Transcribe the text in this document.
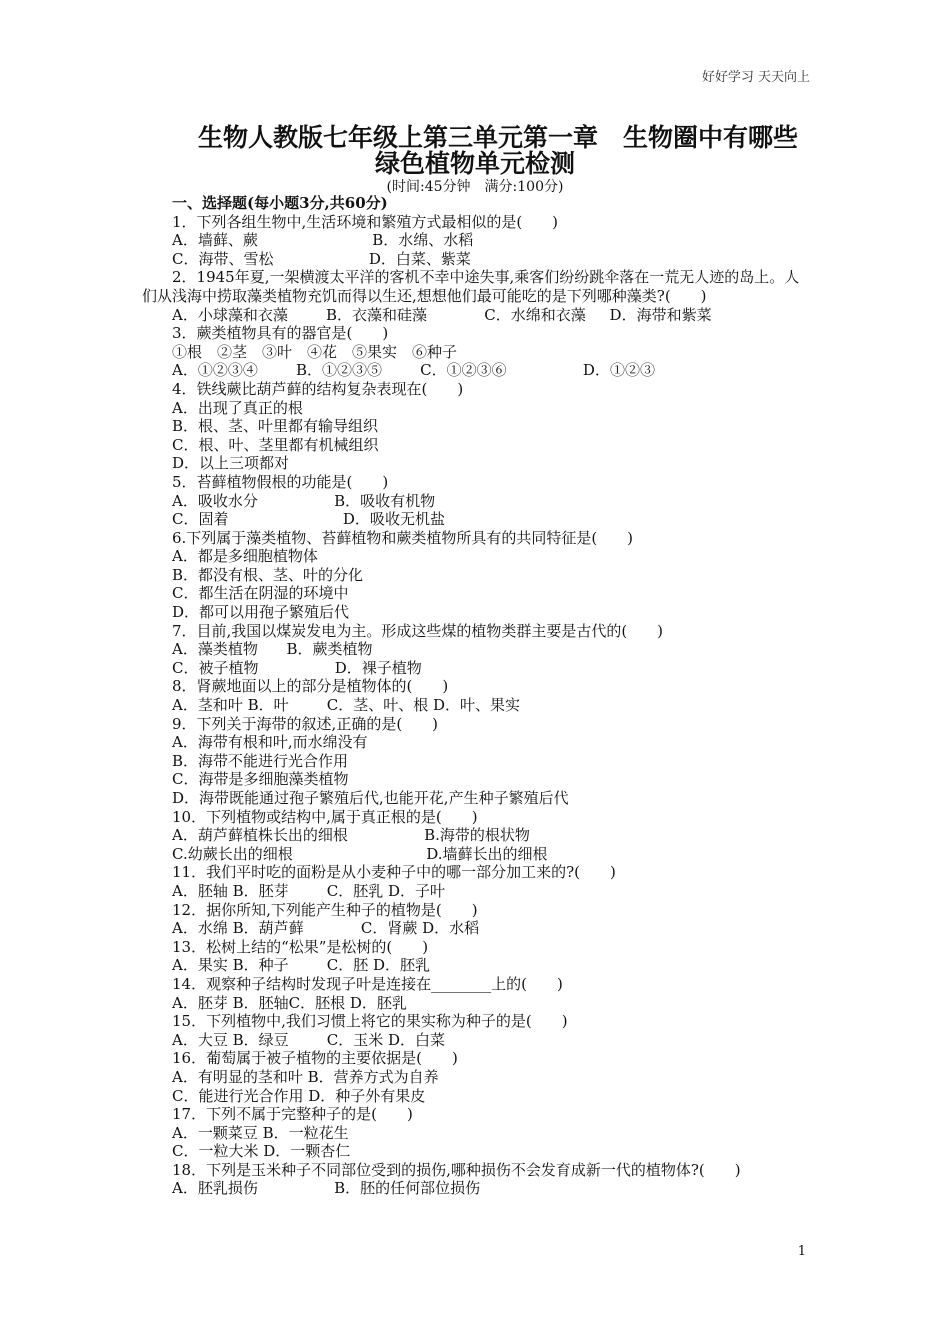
好好学习 天天向上
生物人教版七年级上第三单元第一章　生物圈中有哪些
绿色植物单元检测
(时间:45分钟　满分:100分)
一、选择题(每小题3分,共60分)
1．下列各组生物中,生活环境和繁殖方式最相似的是(　　)
A．墙藓、蕨                        B．水绵、水稻
C．海带、雪松                    D．白菜、紫菜
2．1945年夏,一架横渡太平洋的客机不幸中途失事,乘客们纷纷跳伞落在一荒无人迹的岛上。人们从浅海中捞取藻类植物充饥而得以生还,想想他们最可能吃的是下列哪种藻类?(　　)
A．小球藻和衣藻        B．衣藻和硅藻            C．水绵和衣藻     D．海带和紫菜
3．蕨类植物具有的器官是(　　)
①根　②茎　③叶　④花　⑤果实　⑥种子
A．①②③④        B．①②③⑤        C．①②③⑥                D．①②③
4．铁线蕨比葫芦藓的结构复杂表现在(　　)
A．出现了真正的根
B．根、茎、叶里都有输导组织
C．根、叶、茎里都有机械组织
D．以上三项都对
5．苔藓植物假根的功能是(　　)
A．吸收水分                B．吸收有机物
C．固着                        D．吸收无机盐
6.下列属于藻类植物、苔藓植物和蕨类植物所具有的共同特征是(　　)
A．都是多细胞植物体
B．都没有根、茎、叶的分化
C．都生活在阴湿的环境中
D．都可以用孢子繁殖后代
7．目前,我国以煤炭发电为主。形成这些煤的植物类群主要是古代的(　　)
A．藻类植物      B．蕨类植物
C．被子植物                D．裸子植物
8．肾蕨地面以上的部分是植物体的(　　)
A．茎和叶 B．叶        C．茎、叶、根 D．叶、果实
9．下列关于海带的叙述,正确的是(　　)
A．海带有根和叶,而水绵没有
B．海带不能进行光合作用
C．海带是多细胞藻类植物
D．海带既能通过孢子繁殖后代,也能开花,产生种子繁殖后代
10．下列植物或结构中,属于真正根的是(　　)
A．葫芦藓植株长出的细根                B.海带的根状物
C.幼蕨长出的细根                            D.墙藓长出的细根
11．我们平时吃的面粉是从小麦种子中的哪一部分加工来的?(　　)
A．胚轴 B．胚芽        C．胚乳 D．子叶
12．据你所知,下列能产生种子的植物是(　　)
A．水绵 B．葫芦藓            C．肾蕨 D．水稻
13．松树上结的“松果”是松树的(　　)
A．果实 B．种子        C．胚 D．胚乳
14．观察种子结构时发现子叶是连接在________上的(　　)
A．胚芽 B．胚轴C．胚根 D．胚乳
15．下列植物中,我们习惯上将它的果实称为种子的是(　　)
A．大豆 B．绿豆        C．玉米 D．白菜
16．葡萄属于被子植物的主要依据是(　　)
A．有明显的茎和叶 B．营养方式为自养
C．能进行光合作用 D．种子外有果皮
17．下列不属于完整种子的是(　　)
A．一颗菜豆 B．一粒花生
C．一粒大米 D．一颗杏仁
18．下列是玉米种子不同部位受到的损伤,哪种损伤不会发育成新一代的植物体?(　　)
A．胚乳损伤                B．胚的任何部位损伤
1
